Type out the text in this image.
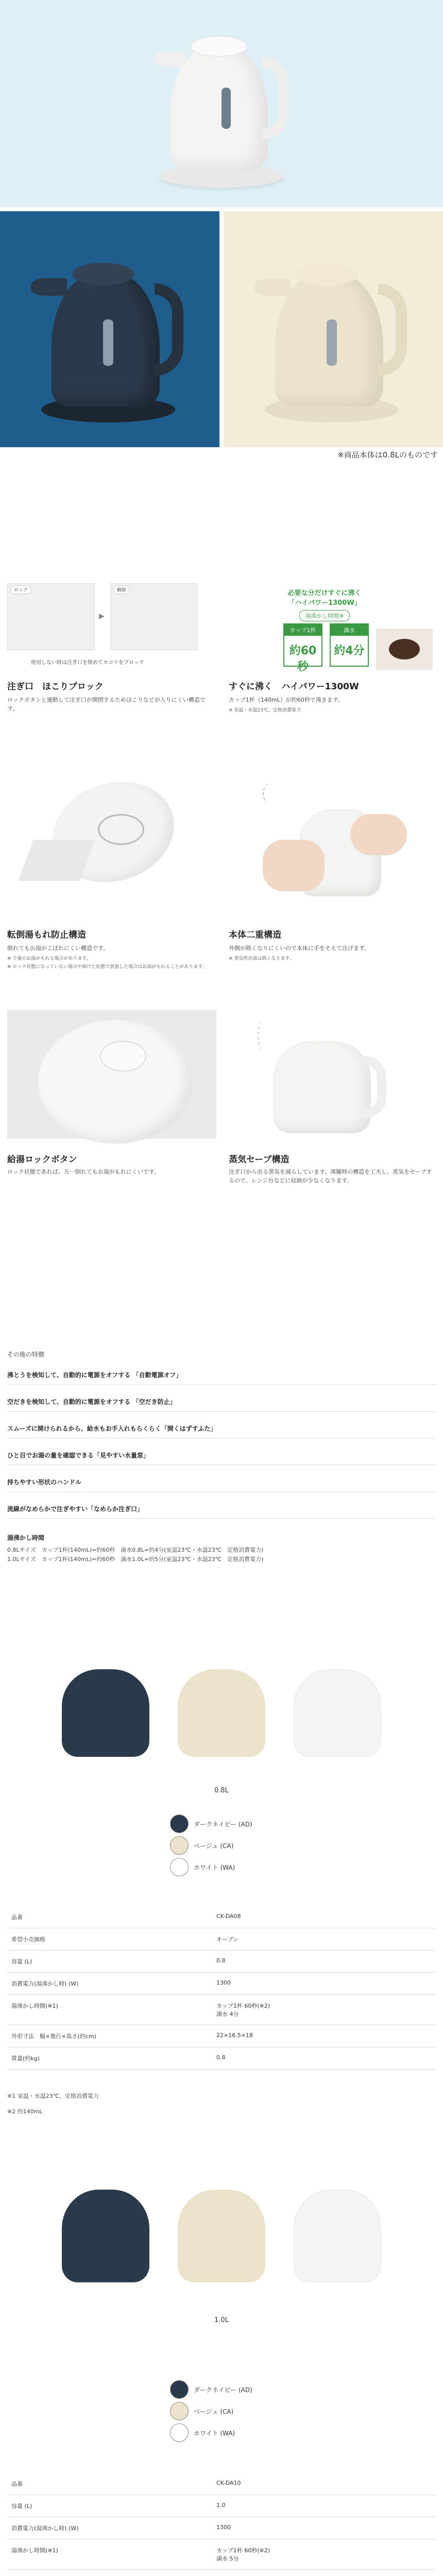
※商品本体は0.8Lのものです
ロック
▶
解除
使用しない時は注ぎ口を閉めてホコリをブロック
注ぎ口　ほこりブロック
ロックボタンと連動して注ぎ口が開閉するためほこりなどが入りにくい構造です。
必要な分だけすぐに沸く
「ハイパワー1300W」
湯沸かし時間※
カップ1杯
約60秒
満水
約4分
すぐに沸く　ハイパワー1300W
カップ1杯（140mL）が約60秒で沸きます。
※ 室温・水温23℃、定格消費電力
転倒湯もれ防止構造
倒れてもお湯がこぼれにくい構造です。
※ 少量のお湯がもれる場合があります。
※ ロック状態になっていない場合や傾けた状態で放置した場合はお湯がもれることがあります。
本体二重構造
外側が熱くなりにくいので本体に手をそえて注げます。
※ 蒸気吹出部は熱くなります。
給湯ロックボタン
ロック状態であれば、万一倒れてもお湯がもれにくいです。
蒸気セーブ構造
注ぎ口から出る蒸気を減らしています。沸騰時の構造を工夫し、蒸気をセーブするので、レンジ台などに収納が少なくなります。
その他の特徴
沸とうを検知して、自動的に電源をオフする 「自動電源オフ」
空だきを検知して、自動的に電源をオフする 「空だき防止」
スムーズに開けられるから、給水もお手入れもらくらく「開くはずすふた」
ひと目でお湯の量を確認できる「見やすい水量窓」
持ちやすい形状のハンドル
流線がなめらかで注ぎやすい「なめらか注ぎ口」
湯沸かし時間
0.8Lサイズ　カップ1杯(140mL)=約60秒　満水0.8L=約4分(室温23℃・水温23℃　定格消費電力)
1.0Lサイズ　カップ1杯(140mL)=約60秒　満水1.0L=約5分(室温23℃・水温23℃　定格消費電力)
0.8L
ダークネイビー (AD)
ベージュ (CA)
ホワイト (WA)
品番	CK-DA08
希望小売価格	オープン
容量 (L)	0.8
消費電力(湯沸かし時) (W)	1300
湯沸かし時間(※1)	カップ1杯 60秒(※2)
満水 4分
外形寸法　幅×奥行×高さ(約cm)	22×16.5×18
質量(約kg)	0.8
※1 室温・水温23℃、定格消費電力
※2 約140mL
1.0L
ダークネイビー (AD)
ベージュ (CA)
ホワイト (WA)
品番	CK-DA10
容量 (L)	1.0
消費電力(湯沸かし時) (W)	1300
湯沸かし時間(※1)	カップ1杯 60秒(※2)
満水 5分
